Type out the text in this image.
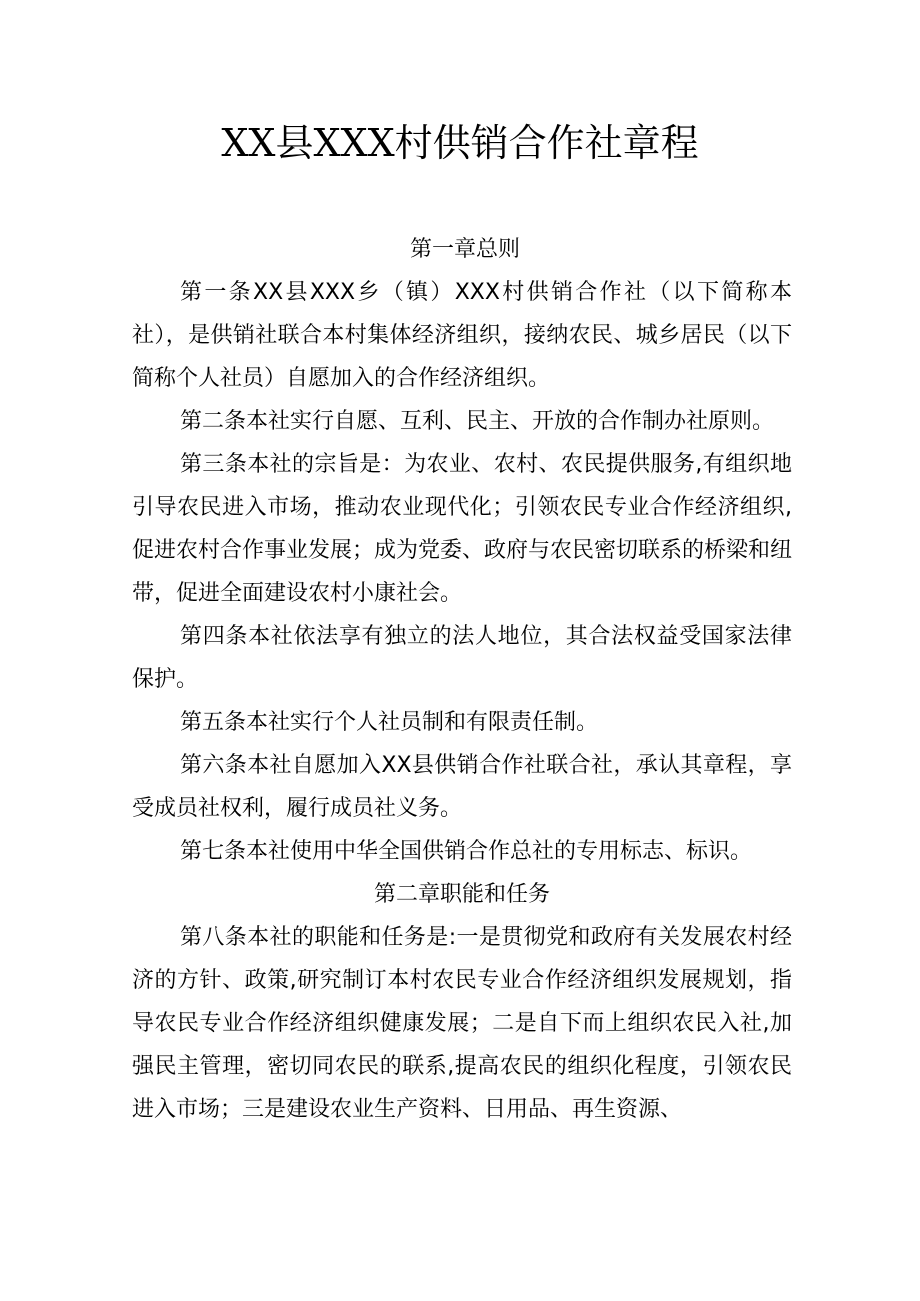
XX县XXX村供销合作社章程
第一章总则

第一条XX县XXX乡（镇）XXX村供销合作社（以下简称本社），是供销社联合本村集体经济组织，接纳农民、城乡居民（以下简称个人社员）自愿加入的合作经济组织。

第二条本社实行自愿、互利、民主、开放的合作制办社原则。

第三条本社的宗旨是：为农业、农村、农民提供服务,有组织地引导农民进入市场，推动农业现代化；引领农民专业合作经济组织,促进农村合作事业发展；成为党委、政府与农民密切联系的桥梁和纽带，促进全面建设农村小康社会。

第四条本社依法享有独立的法人地位，其合法权益受国家法律保护。

第五条本社实行个人社员制和有限责任制。

第六条本社自愿加入XX县供销合作社联合社，承认其章程，享受成员社权利，履行成员社义务。

第七条本社使用中华全国供销合作总社的专用标志、标识。

第二章职能和任务

第八条本社的职能和任务是:一是贯彻党和政府有关发展农村经济的方针、政策,研究制订本村农民专业合作经济组织发展规划，指导农民专业合作经济组织健康发展；二是自下而上组织农民入社,加强民主管理，密切同农民的联系,提高农民的组织化程度，引领农民进入市场；三是建设农业生产资料、日用品、再生资源、
